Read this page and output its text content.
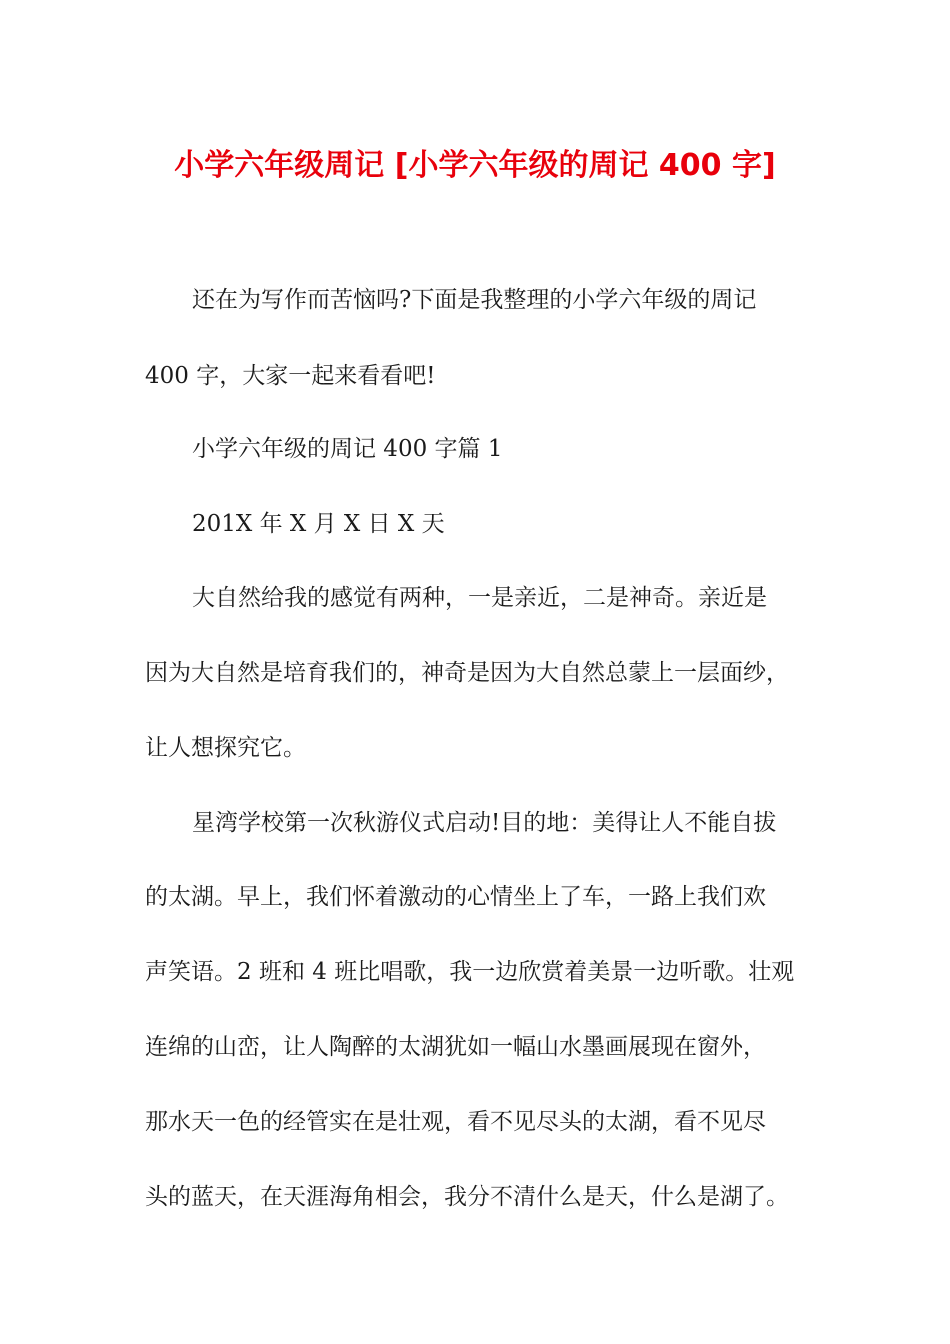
小学六年级周记 [小学六年级的周记 400 字]
还在为写作而苦恼吗?下面是我整理的小学六年级的周记
400 字，大家一起来看看吧!
小学六年级的周记 400 字篇 1
201X 年 X 月 X 日 X 天
大自然给我的感觉有两种，一是亲近，二是神奇。亲近是
因为大自然是培育我们的，神奇是因为大自然总蒙上一层面纱，
让人想探究它。
星湾学校第一次秋游仪式启动!目的地：美得让人不能自拔
的太湖。早上，我们怀着激动的心情坐上了车，一路上我们欢
声笑语。2 班和 4 班比唱歌，我一边欣赏着美景一边听歌。壮观
连绵的山峦，让人陶醉的太湖犹如一幅山水墨画展现在窗外，
那水天一色的经管实在是壮观，看不见尽头的太湖，看不见尽
头的蓝天，在天涯海角相会，我分不清什么是天，什么是湖了。
